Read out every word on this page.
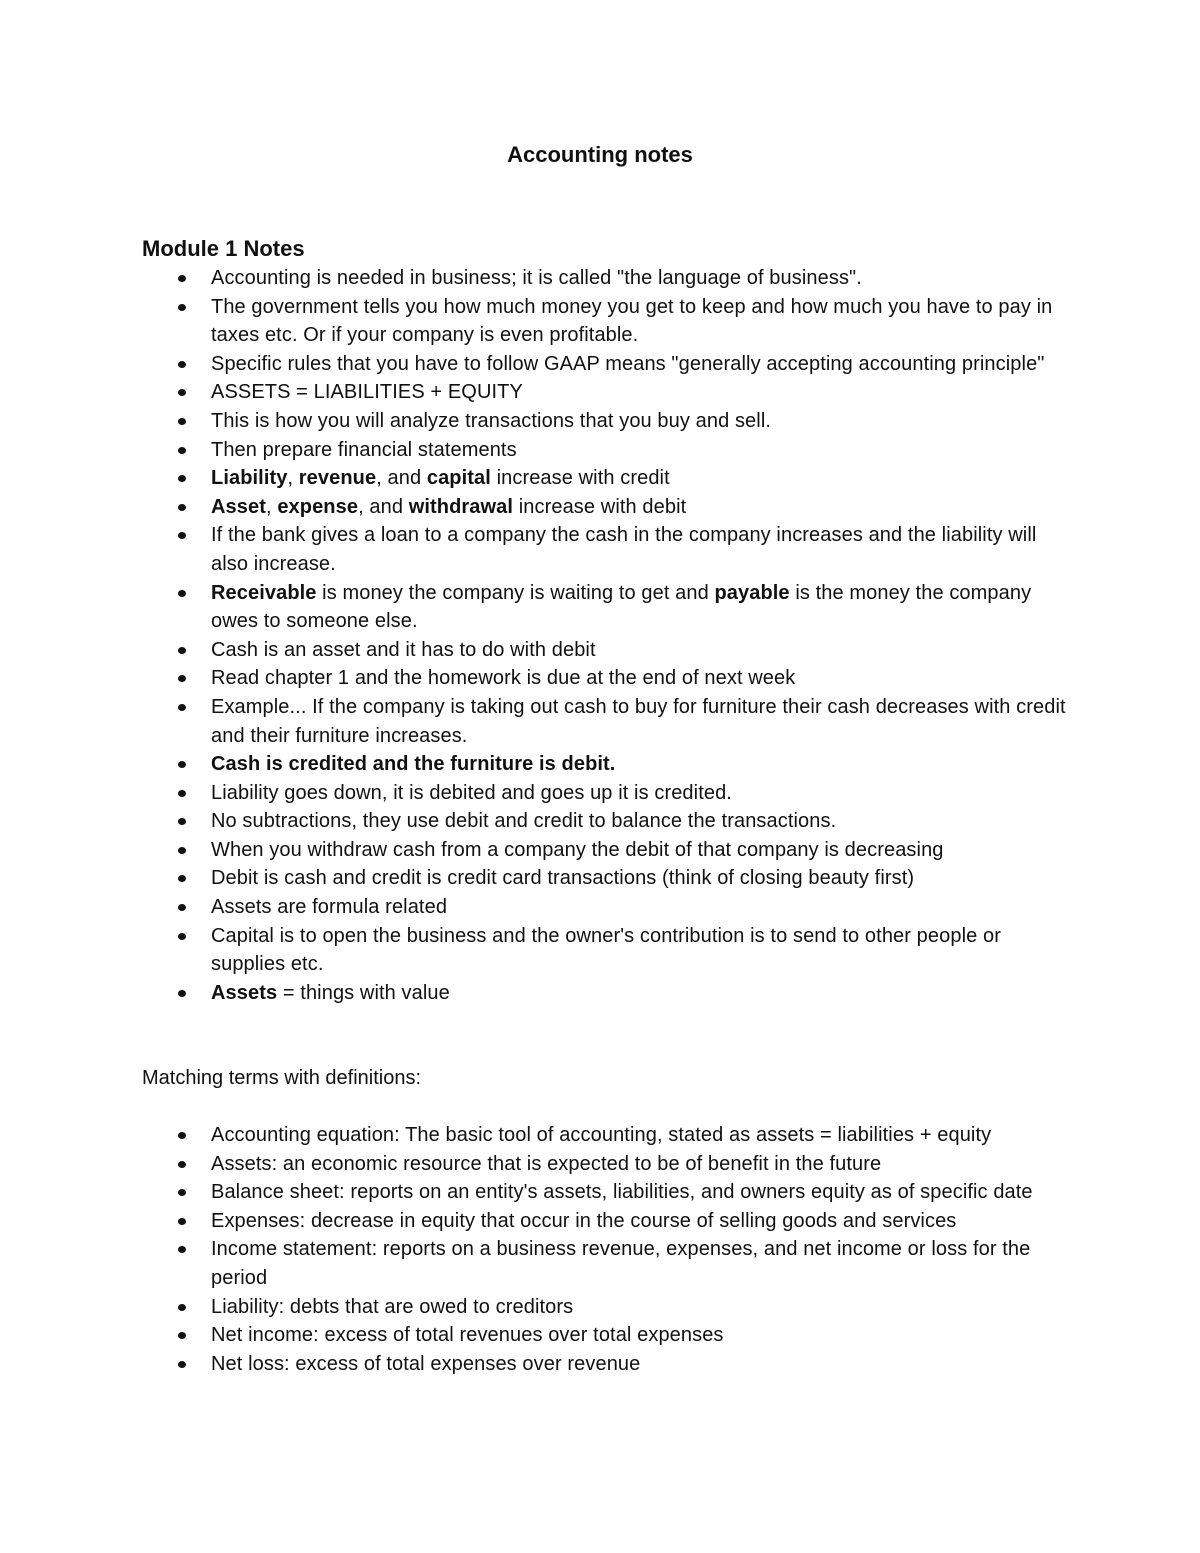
Accounting notes
Module 1 Notes
Accounting is needed in business; it is called "the language of business".
The government tells you how much money you get to keep and how much you have to pay in taxes etc. Or if your company is even profitable.
Specific rules that you have to follow GAAP means "generally accepting accounting principle"
ASSETS = LIABILITIES + EQUITY
This is how you will analyze transactions that you buy and sell.
Then prepare financial statements
Liability, revenue, and capital increase with credit
Asset, expense, and withdrawal increase with debit
If the bank gives a loan to a company the cash in the company increases and the liability will also increase.
Receivable is money the company is waiting to get and payable is the money the company owes to someone else.
Cash is an asset and it has to do with debit
Read chapter 1 and the homework is due at the end of next week
Example... If the company is taking out cash to buy for furniture their cash decreases with credit and their furniture increases.
Cash is credited and the furniture is debit.
Liability goes down, it is debited and goes up it is credited.
No subtractions, they use debit and credit to balance the transactions.
When you withdraw cash from a company the debit of that company is decreasing
Debit is cash and credit is credit card transactions (think of closing beauty first)
Assets are formula related
Capital is to open the business and the owner's contribution is to send to other people or supplies etc.
Assets = things with value

Matching terms with definitions:

Accounting equation: The basic tool of accounting, stated as assets = liabilities + equity
Assets: an economic resource that is expected to be of benefit in the future
Balance sheet: reports on an entity's assets, liabilities, and owners equity as of specific date
Expenses: decrease in equity that occur in the course of selling goods and services
Income statement: reports on a business revenue, expenses, and net income or loss for the period
Liability: debts that are owed to creditors
Net income: excess of total revenues over total expenses
Net loss: excess of total expenses over revenue
